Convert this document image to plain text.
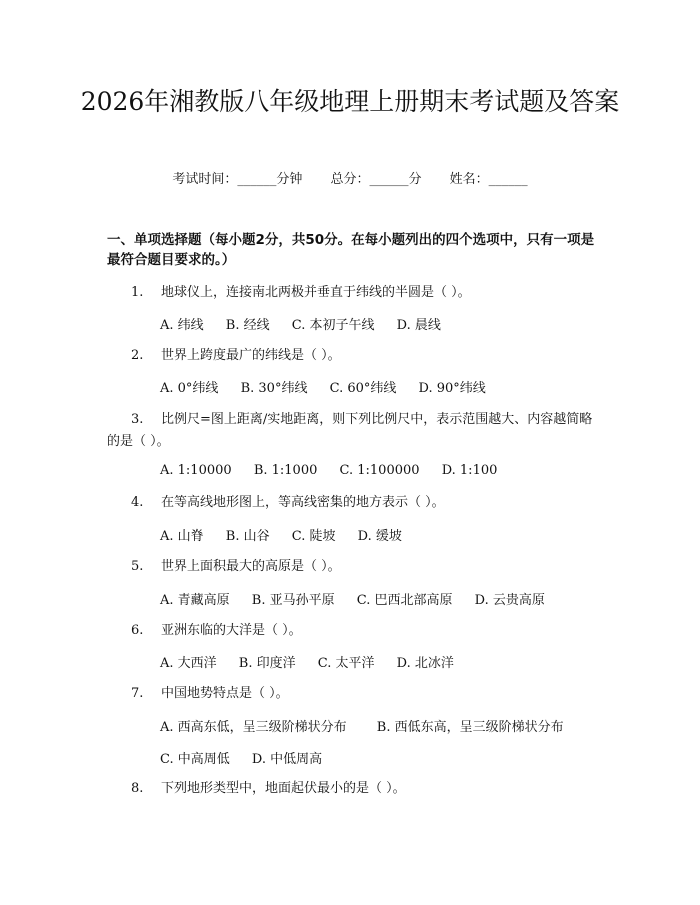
2026年湘教版八年级地理上册期末考试题及答案
考试时间：______分钟 总分：______分 姓名：______
一、单项选择题（每小题2分，共50分。在每小题列出的四个选项中，只有一项是最符合题目要求的。）
1. 地球仪上，连接南北两极并垂直于纬线的半圆是（ ）。
A. 纬线 B. 经线 C. 本初子午线 D. 晨线
2. 世界上跨度最广的纬线是（ ）。
A. 0°纬线 B. 30°纬线 C. 60°纬线 D. 90°纬线
3. 比例尺=图上距离/实地距离，则下列比例尺中，表示范围越大、内容越简略的是（ ）。
A. 1:10000 B. 1:1000 C. 1:100000 D. 1:100
4. 在等高线地形图上，等高线密集的地方表示（ ）。
A. 山脊 B. 山谷 C. 陡坡 D. 缓坡
5. 世界上面积最大的高原是（ ）。
A. 青藏高原 B. 亚马孙平原 C. 巴西北部高原 D. 云贵高原
6. 亚洲东临的大洋是（ ）。
A. 大西洋 B. 印度洋 C. 太平洋 D. 北冰洋
7. 中国地势特点是（ ）。
A. 西高东低，呈三级阶梯状分布 B. 西低东高，呈三级阶梯状分布
C. 中高周低 D. 中低周高
8. 下列地形类型中，地面起伏最小的是（ ）。
